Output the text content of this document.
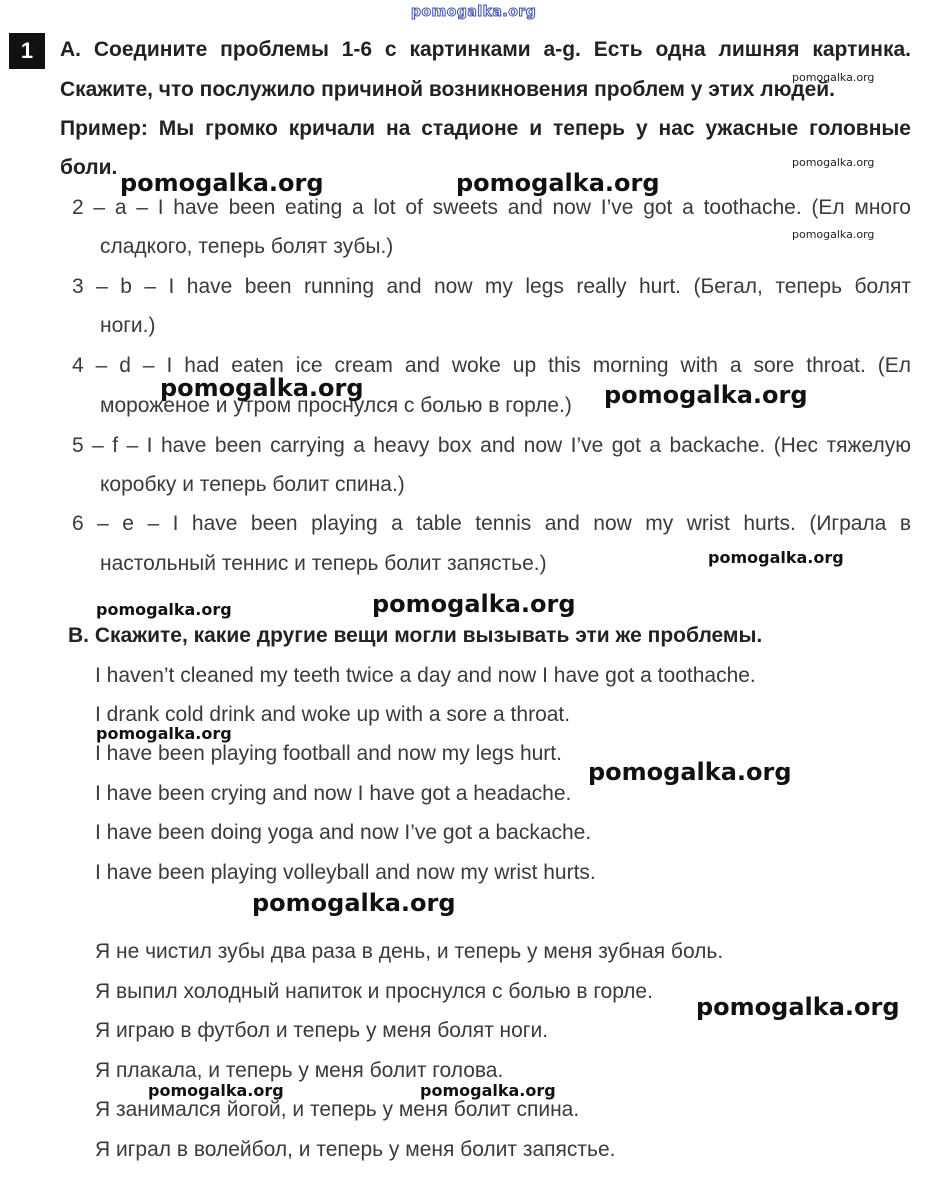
pomogalka.org
1	A. Соедините проблемы 1-6 с картинками a-g. Есть одна лишняя картинка.
Скажите, что послужило причиной возникновения проблем у этих людей.
Пример: Мы громко кричали на стадионе и теперь у нас ужасные головные
боли.
2 – a – I have been eating a lot of sweets and now I’ve got a toothache. (Ел много
сладкого, теперь болят зубы.)
3 – b – I have been running and now my legs really hurt. (Бегал, теперь болят
ноги.)
4 – d – I had eaten ice cream and woke up this morning with a sore throat. (Ел
мороженое и утром проснулся с болью в горле.)
5 – f – I have been carrying a heavy box and now I’ve got a backache. (Нес тяжелую
коробку и теперь болит спина.)
6 – e – I have been playing a table tennis and now my wrist hurts. (Играла в
настольный теннис и теперь болит запястье.)
B. Скажите, какие другие вещи могли вызывать эти же проблемы.
I haven’t cleaned my teeth twice a day and now I have got a toothache.
I drank cold drink and woke up with a sore a throat.
I have been playing football and now my legs hurt.
I have been crying and now I have got a headache.
I have been doing yoga and now I’ve got a backache.
I have been playing volleyball and now my wrist hurts.
Я не чистил зубы два раза в день, и теперь у меня зубная боль.
Я выпил холодный напиток и проснулся с болью в горле.
Я играю в футбол и теперь у меня болят ноги.
Я плакала, и теперь у меня болит голова.
Я занимался йогой, и теперь у меня болит спина.
Я играл в волейбол, и теперь у меня болит запястье.
pomogalka.org
pomogalka.org
pomogalka.org
pomogalka.org	pomogalka.org
pomogalka.org	pomogalka.org
pomogalka.org
pomogalka.org	pomogalka.org
pomogalka.org
pomogalka.org
pomogalka.org
pomogalka.org
pomogalka.org	pomogalka.org
